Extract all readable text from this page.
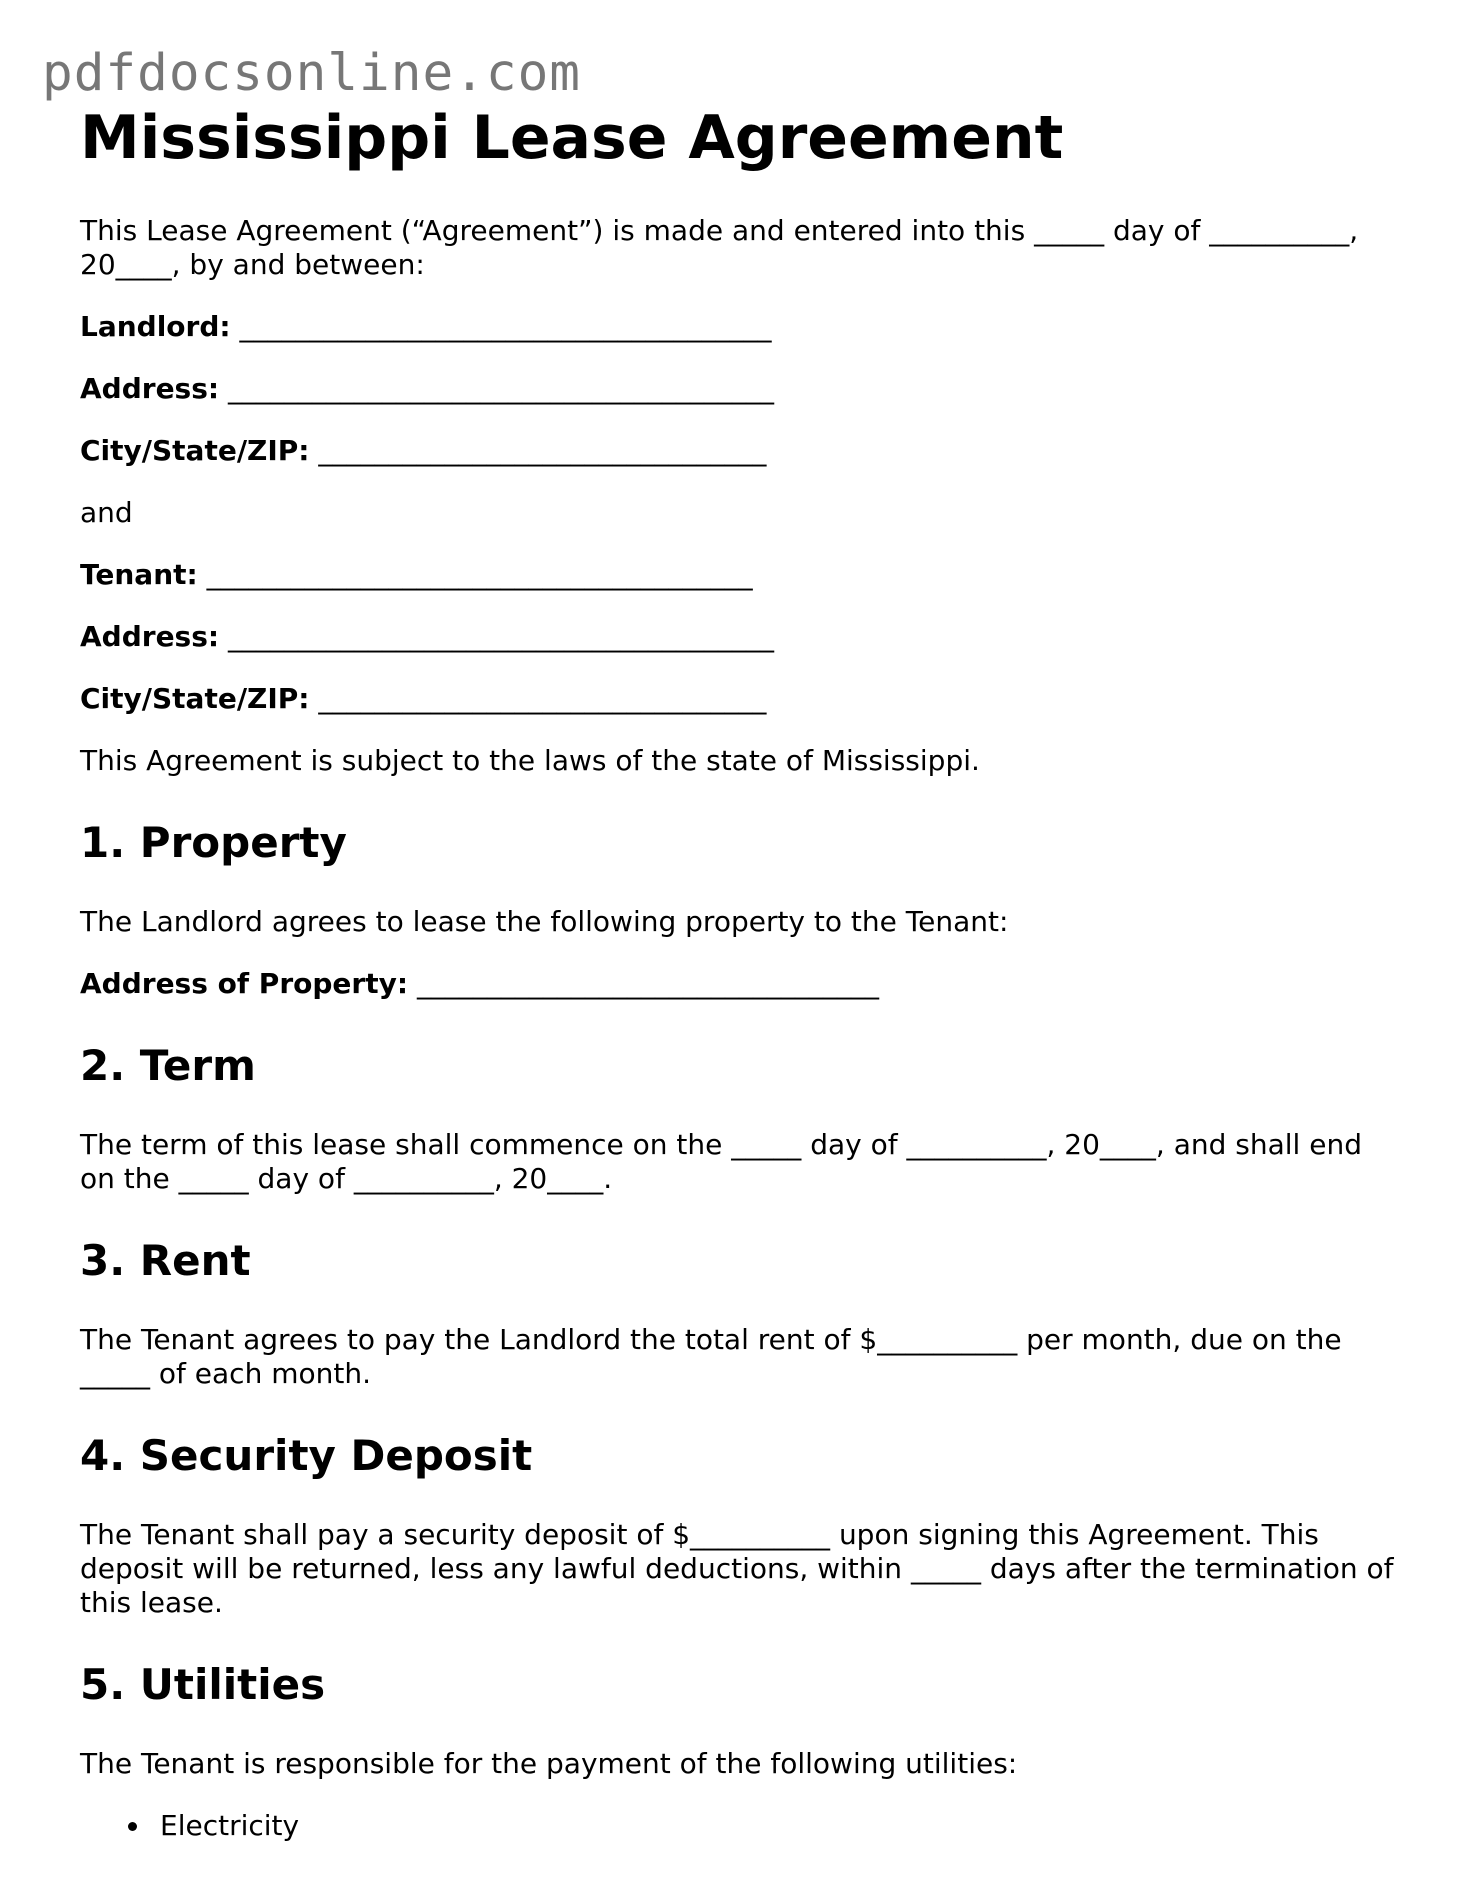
pdfdocsonline.com
Mississippi Lease Agreement

This Lease Agreement (“Agreement”) is made and entered into this _____ day of __________, 20____, by and between:

Landlord: ______________________________________

Address: _______________________________________

City/State/ZIP: ________________________________

and

Tenant: _______________________________________

Address: _______________________________________

City/State/ZIP: ________________________________

This Agreement is subject to the laws of the state of Mississippi.

1. Property

The Landlord agrees to lease the following property to the Tenant:

Address of Property: _________________________________

2. Term

The term of this lease shall commence on the _____ day of __________, 20____, and shall end on the _____ day of __________, 20____.

3. Rent

The Tenant agrees to pay the Landlord the total rent of $__________ per month, due on the _____ of each month.

4. Security Deposit

The Tenant shall pay a security deposit of $__________ upon signing this Agreement. This deposit will be returned, less any lawful deductions, within _____ days after the termination of this lease.

5. Utilities

The Tenant is responsible for the payment of the following utilities:

• Electricity
